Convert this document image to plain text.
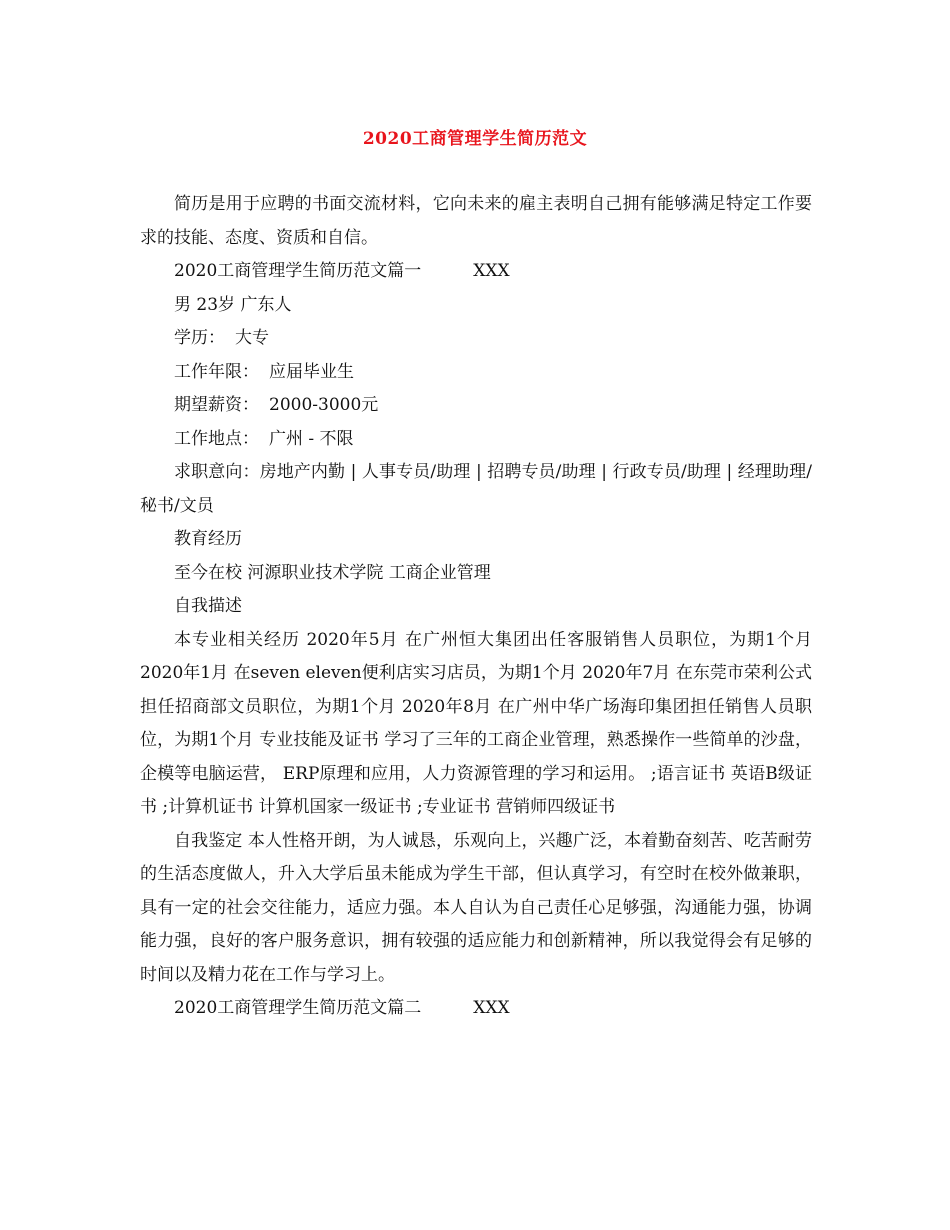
2020工商管理学生简历范文

简历是用于应聘的书面交流材料，它向未来的雇主表明自己拥有能够满足特定工作要求的技能、态度、资质和自信。

2020工商管理学生简历范文篇一	XXX

男 23岁 广东人

学历： 大专

工作年限： 应届毕业生

期望薪资： 2000-3000元

工作地点： 广州 - 不限

求职意向：房地产内勤 | 人事专员/助理 | 招聘专员/助理 | 行政专员/助理 | 经理助理/秘书/文员

教育经历

至今在校 河源职业技术学院 工商企业管理

自我描述

本专业相关经历 2020年5月 在广州恒大集团出任客服销售人员职位，为期1个月 2020年1月 在seven eleven便利店实习店员，为期1个月 2020年7月 在东莞市荣利公式担任招商部文员职位，为期1个月 2020年8月 在广州中华广场海印集团担任销售人员职位，为期1个月 专业技能及证书 学习了三年的工商企业管理，熟悉操作一些简单的沙盘，企模等电脑运营， ERP原理和应用，人力资源管理的学习和运用。 ;语言证书 英语B级证书 ;计算机证书 计算机国家一级证书 ;专业证书 营销师四级证书

自我鉴定 本人性格开朗，为人诚恳，乐观向上，兴趣广泛，本着勤奋刻苦、吃苦耐劳的生活态度做人，升入大学后虽未能成为学生干部，但认真学习，有空时在校外做兼职，具有一定的社会交往能力，适应力强。本人自认为自己责任心足够强，沟通能力强，协调能力强，良好的客户服务意识，拥有较强的适应能力和创新精神，所以我觉得会有足够的时间以及精力花在工作与学习上。

2020工商管理学生简历范文篇二	XXX
